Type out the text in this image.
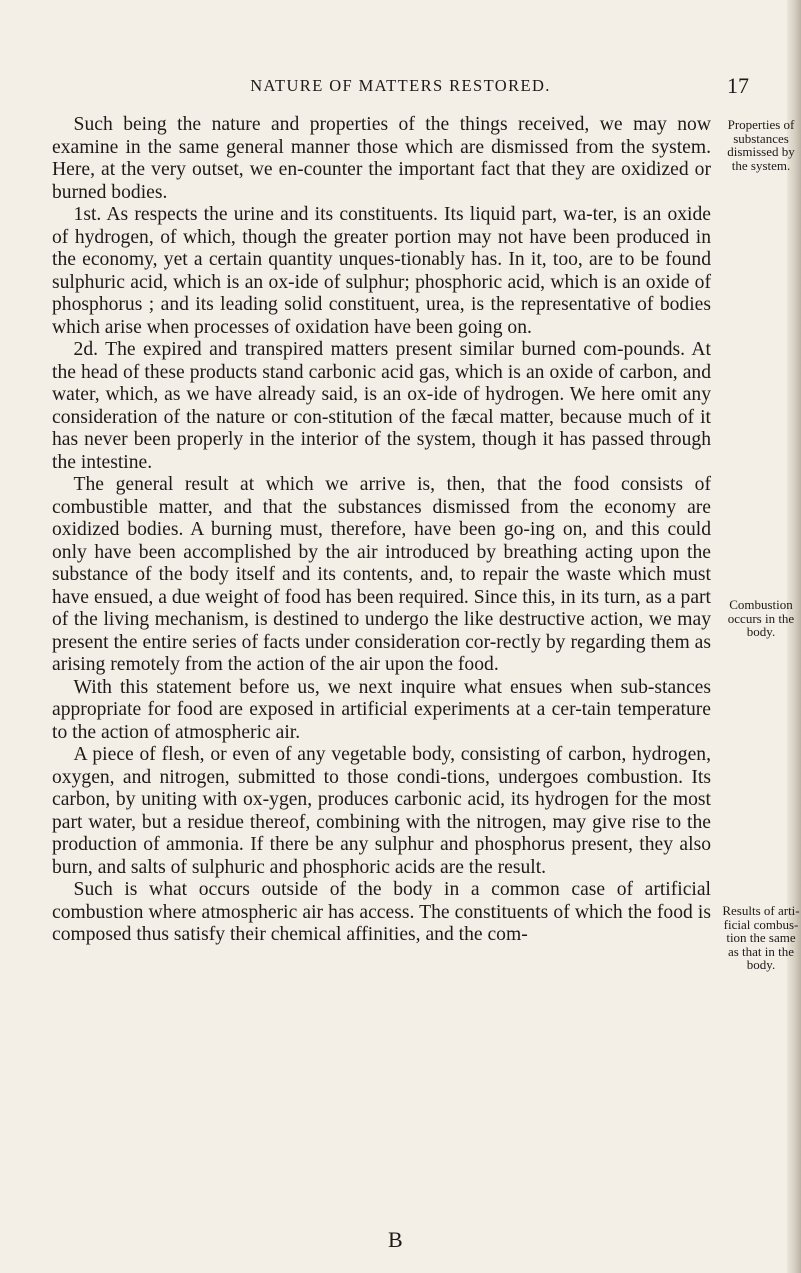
NATURE OF MATTERS RESTORED.	17

Such being the nature and properties of the things received, we may now examine in the same general manner those which are dismissed from the system. Here, at the very outset, we en-counter the important fact that they are oxidized or burned bodies.

1st. As respects the urine and its constituents. Its liquid part, wa-ter, is an oxide of hydrogen, of which, though the greater portion may not have been produced in the economy, yet a certain quantity unques-tionably has. In it, too, are to be found sulphuric acid, which is an ox-ide of sulphur; phosphoric acid, which is an oxide of phosphorus ; and its leading solid constituent, urea, is the representative of bodies which arise when processes of oxidation have been going on.

2d. The expired and transpired matters present similar burned com-pounds. At the head of these products stand carbonic acid gas, which is an oxide of carbon, and water, which, as we have already said, is an ox-ide of hydrogen. We here omit any consideration of the nature or con-stitution of the fæcal matter, because much of it has never been properly in the interior of the system, though it has passed through the intestine.

The general result at which we arrive is, then, that the food consists of combustible matter, and that the substances dismissed from the economy are oxidized bodies. A burning must, therefore, have been go-ing on, and this could only have been accomplished by the air introduced by breathing acting upon the substance of the body itself and its contents, and, to repair the waste which must have ensued, a due weight of food has been required. Since this, in its turn, as a part of the living mechanism, is destined to undergo the like destructive action, we may present the entire series of facts under consideration cor-rectly by regarding them as arising remotely from the action of the air upon the food.

With this statement before us, we next inquire what ensues when sub-stances appropriate for food are exposed in artificial experiments at a cer-tain temperature to the action of atmospheric air.

A piece of flesh, or even of any vegetable body, consisting of carbon, hydrogen, oxygen, and nitrogen, submitted to those condi-tions, undergoes combustion. Its carbon, by uniting with ox-ygen, produces carbonic acid, its hydrogen for the most part water, but a residue thereof, combining with the nitrogen, may give rise to the production of ammonia. If there be any sulphur and phosphorus present, they also burn, and salts of sulphuric and phosphoric acids are the result.

Such is what occurs outside of the body in a common case of artificial combustion where atmospheric air has access. The constituents of which the food is composed thus satisfy their chemical affinities, and the com-

Properties of substances dismissed by the system.
Combustion occurs in the body.
Results of arti-ficial combus-tion the same as that in the body.
B
